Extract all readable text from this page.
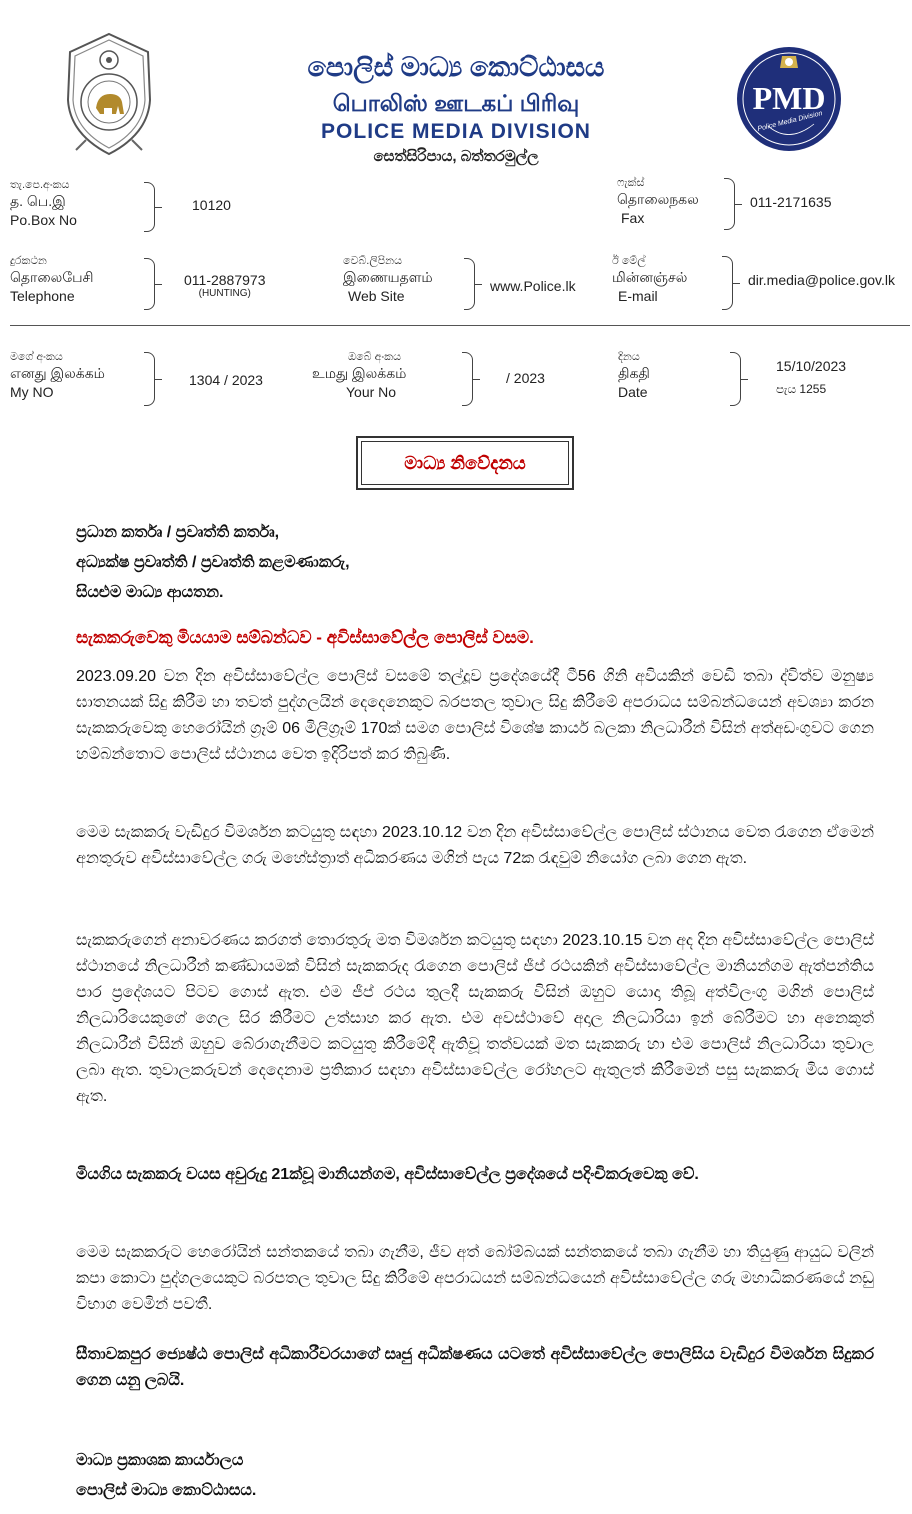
PMD
Police Media Division
පොලිස් මාධ්‍ය කොට්ඨාසය
பொலிஸ் ஊடகப் பிரிவு
POLICE MEDIA DIVISION
සෙත්සිරිපාය, බත්තරමුල්ල
තැ.පෙ.අංකය
த. பெ.இ
Po.Box No
10120
ෆැක්ස්
தொலைநகல
Fax
011-2171635
දුරකථන
தொலைபேசி
Telephone
011-2887973
(HUNTING)
වෙබ්.ලිපිනය
இணையதளம்
Web Site
www.Police.lk
ඊ මේල්
மின்னஞ்சல்
E-mail
dir.media@police.gov.lk
මගේ අංකය
எனது இலக்கம்
My NO
1304 / 2023
ඔබේ අංකය
உமது இலக்கம்
Your No
/ 2023
දිනය
திகதி
Date
15/10/2023
පැය 1255
මාධ්‍ය නිවේදනය
ප්‍රධාන කර්තෘ / ප්‍රවෘත්ති කර්තෘ,
අධ්‍යක්ෂ ප්‍රවෘත්ති / ප්‍රවෘත්ති කළමණාකරු,
සියළුම මාධ්‍ය ආයතන.
සැකකරුවෙකු මියයාම සම්බන්ධව - අවිස්සාවේල්ල පොලිස් වසම.
2023.09.20 වන දින අවිස්සාවේල්ල පොලිස් වසමේ තල්දූව ප්‍රදේශයේදී ටී56 ගිනි අවියකින් වෙඩි තබා ද්විත්ව මනුෂ්‍ය ඝාතනයක් සිදු කිරීම හා තවත් පුද්ගලයින් දෙදෙනෙකුට බරපතල තුවාල සිදු කිරීමේ අපරාධය සම්බන්ධයෙන් අවශ්‍යා කරන සැකකරුවෙකු හෙරෝයින් ග්‍රෑම් 06 මිලිග්‍රෑම් 170ක් සමග පොලිස් විශේෂ කාර්ය බලකා නිලධාරීන් විසින් අත්අඩංගුවට ගෙන හම්බන්තොට පොලිස් ස්ථානය වෙත ඉදිරිපත් කර තිබුණි.
මෙම සැකකරු වැඩිදුර විමර්ශන කටයුතු සඳහා 2023.10.12 වන දින අවිස්සාවේල්ල පොලිස් ස්ථානය වෙත රැගෙන ඒමෙන් අනතුරුව අවිස්සාවේල්ල ගරු මහේස්ත්‍රාත් අධිකරණය මගින් පැය 72ක රැඳවුම් නියෝග ලබා ගෙන ඇත.
සැකකරුගෙන් අනාවරණය කරගත් තොරතුරු මත විමර්ශන කටයුතු සඳහා 2023.10.15 වන අද දින අවිස්සාවේල්ල පොලිස් ස්ථානයේ නිලධාරීන් කණ්ඩායමක් විසින් සැකකරුද රැගෙන පොලිස් ජීප් රථයකින් අවිස්සාවේල්ල මානියන්ගම ඇත්පන්තිය පාර ප්‍රදේශයට පිටව ගොස් ඇත. එම ජීප් රථය තුලදී සැකකරු විසින් ඔහුට යොදා තිබූ අත්විලංගු මගින් පොලිස් නිලධාරියෙකුගේ ගෙල සිර කිරීමට උත්සාහ කර ඇත. එම අවස්ථාවේ අදාල නිලධාරියා ඉන් බේරීමට හා අනෙකුත් නිලධාරීන් විසින් ඔහුව බේරාගැනීමට කටයුතු කිරීමේදී ඇතිවූ තත්වයක් මත සැකකරු හා එම පොලිස් නිලධාරියා තුවාල ලබා ඇත. තුවාලකරුවන් දෙදෙනාම ප්‍රතිකාර සඳහා අවිස්සාවේල්ල රෝහලට ඇතුලත් කිරීමෙන් පසු සැකකරු මිය ගොස් ඇත.
මියගිය සැකකරු වයස අවුරුදු 21ක්වූ මානියන්ගම, අවිස්සාවේල්ල ප්‍රදේශයේ පදිංචිකරුවෙකු වේ.
මෙම සැකකරුට හෙරෝයින් සන්තකයේ තබා ගැනීම, ජීව අත් බෝම්බයක් සන්තකයේ තබා ගැනීම හා තියුණු ආයුධ වලින් කපා කොටා පුද්ගලයෙකුට බරපතල තුවාල සිදු කිරීමේ අපරාධයන් සම්බන්ධයෙන් අවිස්සාවේල්ල ගරු මහාධිකරණයේ නඩු විභාග වෙමින් පවතී.
සීතාවකපුර ජ්‍යෙෂ්ඨ පොලිස් අධිකාරීවරයාගේ සෘජු අධීක්ෂණය යටතේ අවිස්සාවේල්ල පොලිසිය වැඩිදුර විමර්ශන සිදුකර ගෙන යනු ලබයි.
මාධ්‍ය ප්‍රකාශක කාර්යාලය
පොලිස් මාධ්‍ය කොට්ඨාසය.
